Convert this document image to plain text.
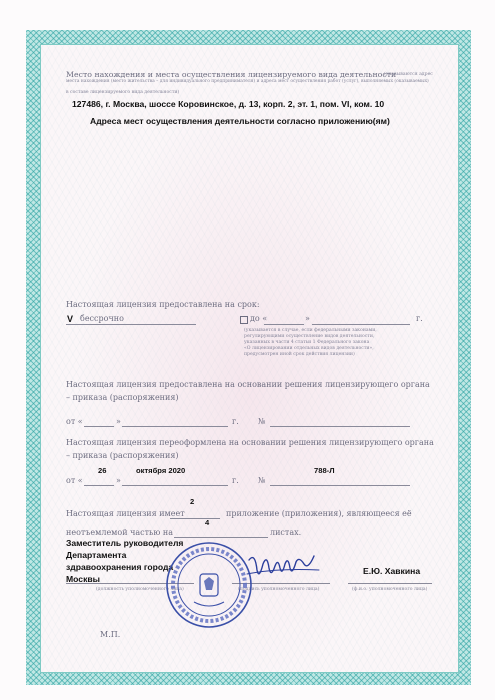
Место нахождения и места осуществления лицензируемого вида деятельности
(указываются адрес
места нахождения (место жительства – для индивидуального предпринимателя) и адреса мест осуществления работ (услуг), выполняемых (оказываемых)
в составе лицензируемого вида деятельности)
127486, г. Москва, шоссе Коровинское, д. 13, корп. 2, эт. 1, пом. VI, ком. 10
Адреса мест осуществления деятельности согласно приложению(ям)
Настоящая лицензия предоставлена на срок:
V бессрочно	до «	»	г.
(указывается в случае, если федеральными законами,
регулирующими осуществление видов деятельности,
указанных в части 4 статьи 1 Федерального закона
«О лицензировании отдельных видов деятельности»,
предусмотрен иной срок действия лицензии)
Настоящая лицензия предоставлена на основании решения лицензирующего органа
– приказа (распоряжения)
от «	»	г. №
Настоящая лицензия переоформлена на основании решения лицензирующего органа
– приказа (распоряжения)
от «
26
»
октября 2020
г. №
788-Л
Настоящая лицензия имеет
2
приложение (приложения), являющееся её
неотъемлемой частью на
4
листах.
Заместитель руководителя
Департамента
здравоохранения города
Москвы
(должность уполномоченного лица)	(подпись уполномоченного лица)	(ф.и.о. уполномоченного лица)
Е.Ю. Хавкина
М.П.
